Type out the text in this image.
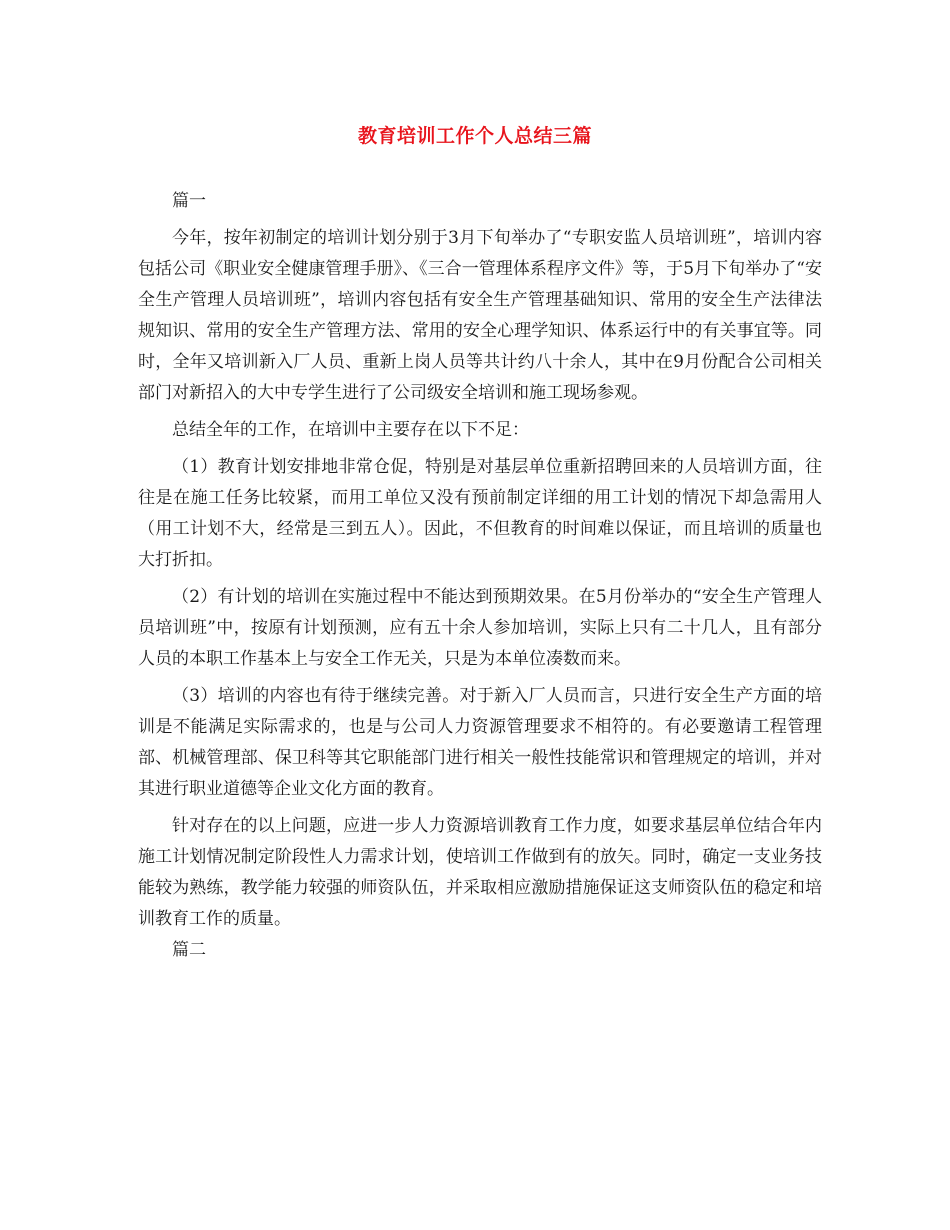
教育培训工作个人总结三篇

篇一

今年，按年初制定的培训计划分别于3月下旬举办了“专职安监人员培训班”，培训内容包括公司《职业安全健康管理手册》、《三合一管理体系程序文件》等，于5月下旬举办了“安全生产管理人员培训班”，培训内容包括有安全生产管理基础知识、常用的安全生产法律法规知识、常用的安全生产管理方法、常用的安全心理学知识、体系运行中的有关事宜等。同时，全年又培训新入厂人员、重新上岗人员等共计约八十余人，其中在9月份配合公司相关部门对新招入的大中专学生进行了公司级安全培训和施工现场参观。

总结全年的工作，在培训中主要存在以下不足：

（1）教育计划安排地非常仓促，特别是对基层单位重新招聘回来的人员培训方面，往往是在施工任务比较紧，而用工单位又没有预前制定详细的用工计划的情况下却急需用人（用工计划不大，经常是三到五人）。因此，不但教育的时间难以保证，而且培训的质量也大打折扣。

（2）有计划的培训在实施过程中不能达到预期效果。在5月份举办的“安全生产管理人员培训班”中，按原有计划预测，应有五十余人参加培训，实际上只有二十几人，且有部分人员的本职工作基本上与安全工作无关，只是为本单位凑数而来。

（3）培训的内容也有待于继续完善。对于新入厂人员而言，只进行安全生产方面的培训是不能满足实际需求的，也是与公司人力资源管理要求不相符的。有必要邀请工程管理部、机械管理部、保卫科等其它职能部门进行相关一般性技能常识和管理规定的培训，并对其进行职业道德等企业文化方面的教育。

针对存在的以上问题，应进一步人力资源培训教育工作力度，如要求基层单位结合年内施工计划情况制定阶段性人力需求计划，使培训工作做到有的放矢。同时，确定一支业务技能较为熟练，教学能力较强的师资队伍，并采取相应激励措施保证这支师资队伍的稳定和培训教育工作的质量。

篇二
